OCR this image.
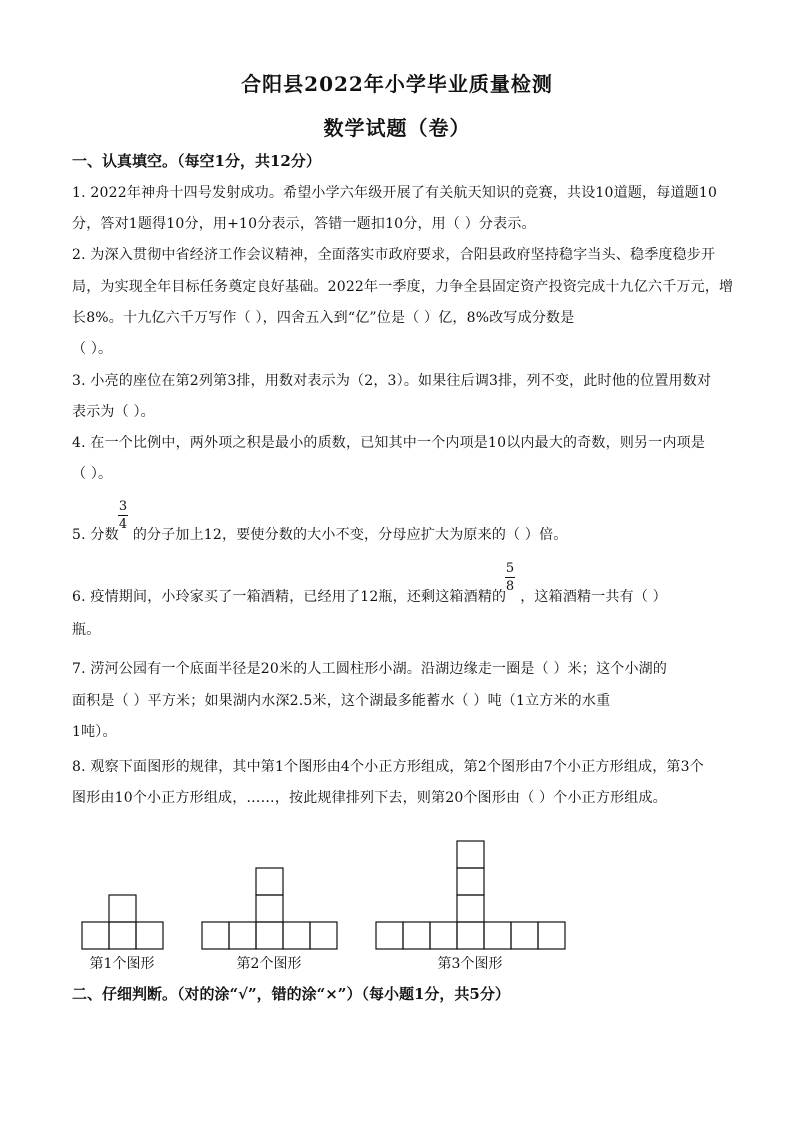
合阳县2022年小学毕业质量检测
数学试题（卷）
一、认真填空。（每空1分，共12分）
1. 2022年神舟十四号发射成功。希望小学六年级开展了有关航天知识的竞赛，共设10道题，每道题10
分，答对1题得10分，用+10分表示，答错一题扣10分，用（ ）分表示。
2. 为深入贯彻中省经济工作会议精神，全面落实市政府要求，合阳县政府坚持稳字当头、稳季度稳步开
局，为实现全年目标任务奠定良好基础。2022年一季度，力争全县固定资产投资完成十九亿六千万元，增
长8%。十九亿六千万写作（ ），四舍五入到“亿”位是（ ）亿，8%改写成分数是
（ ）。
3. 小亮的座位在第2列第3排，用数对表示为（2，3）。如果往后调3排，列不变，此时他的位置用数对
表示为（ ）。
4. 在一个比例中，两外项之积是最小的质数，已知其中一个内项是10以内最大的奇数，则另一内项是
（ ）。
5. 分数 的分子加上12，要使分数的大小不变，分母应扩大为原来的（ ）倍。
3
4
6. 疫情期间，小玲家买了一箱酒精，已经用了12瓶，还剩这箱酒精的 ，这箱酒精一共有（ ）
5
8
瓶。
7. 涝河公园有一个底面半径是20米的人工圆柱形小湖。沿湖边缘走一圈是（ ）米；这个小湖的
面积是（ ）平方米；如果湖内水深2.5米，这个湖最多能蓄水（ ）吨（1立方米的水重
1吨）。
8. 观察下面图形的规律，其中第1个图形由4个小正方形组成，第2个图形由7个小正方形组成，第3个
图形由10个小正方形组成，……，按此规律排列下去，则第20个图形由（ ）个小正方形组成。
第1个图形	第2个图形	第3个图形
二、仔细判断。（对的涂“√”，错的涂“×”）（每小题1分，共5分）
